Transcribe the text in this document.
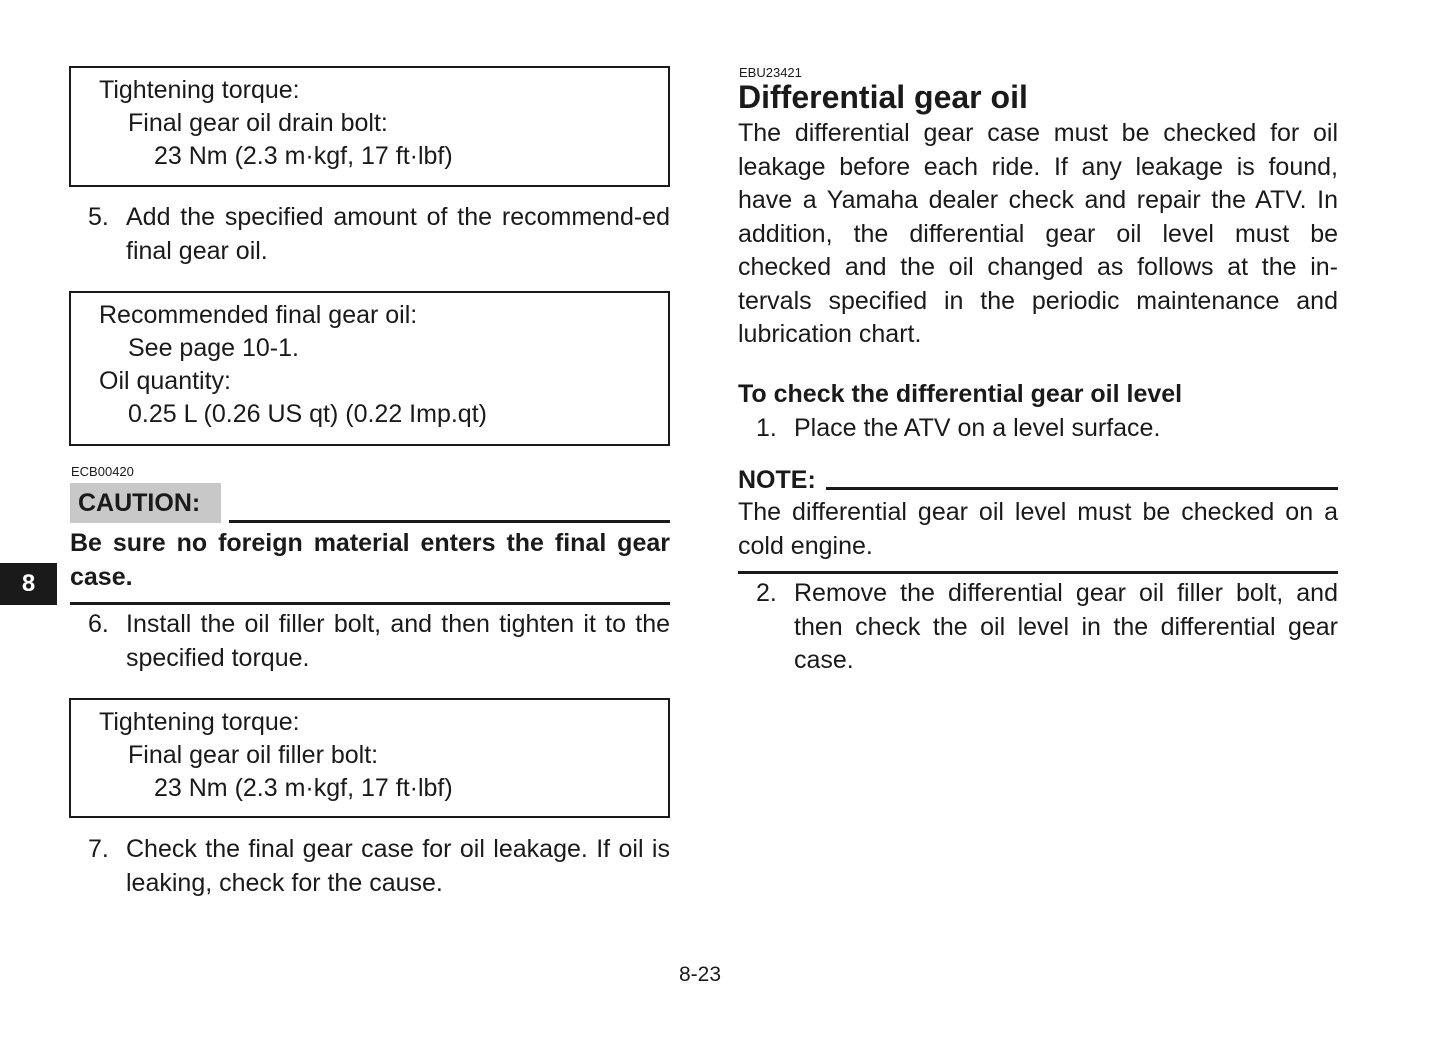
Tightening torque:
Final gear oil drain bolt:
23 Nm (2.3 m·kgf, 17 ft·lbf)
5. Add the specified amount of the recommend-ed final gear oil.
Recommended final gear oil:
See page 10-1.
Oil quantity:
0.25 L (0.26 US qt) (0.22 Imp.qt)
ECB00420
CAUTION:
Be sure no foreign material enters the final gear case.
8
6. Install the oil filler bolt, and then tighten it to the specified torque.
Tightening torque:
Final gear oil filler bolt:
23 Nm (2.3 m·kgf, 17 ft·lbf)
7. Check the final gear case for oil leakage. If oil is leaking, check for the cause.
EBU23421
Differential gear oil
The differential gear case must be checked for oil leakage before each ride. If any leakage is found, have a Yamaha dealer check and repair the ATV. In addition, the differential gear oil level must be checked and the oil changed as follows at the in-tervals specified in the periodic maintenance and lubrication chart.
To check the differential gear oil level
1. Place the ATV on a level surface.
NOTE:
The differential gear oil level must be checked on a cold engine.
2. Remove the differential gear oil filler bolt, and then check the oil level in the differential gear case.
8-23
